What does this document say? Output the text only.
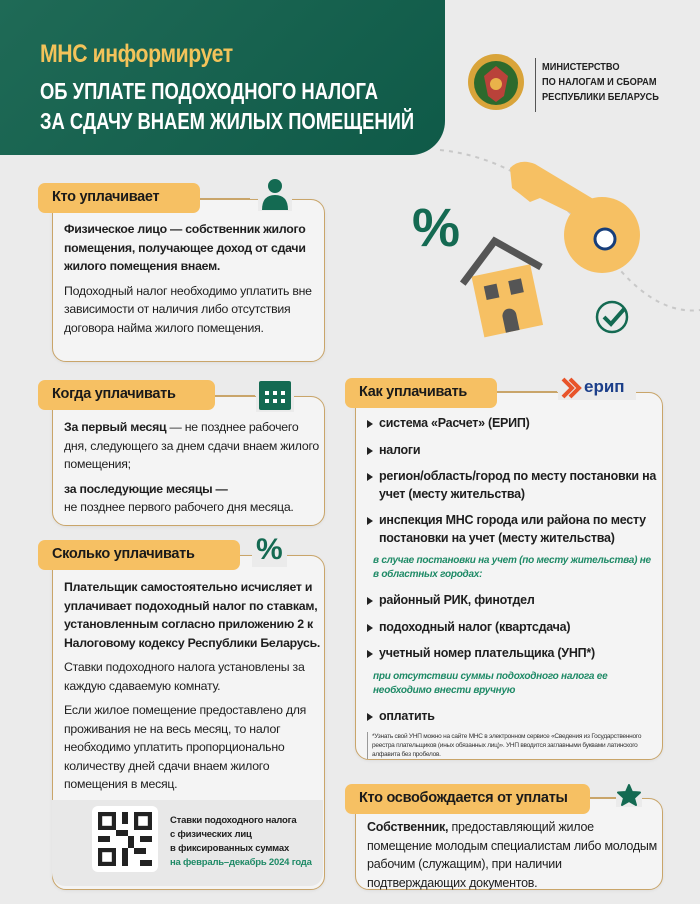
МНС информирует
ОБ УПЛАТЕ ПОДОХОДНОГО НАЛОГА
ЗА СДАЧУ ВНАЕМ ЖИЛЫХ ПОМЕЩЕНИЙ
МИНИСТЕРСТВО
ПО НАЛОГАМ И СБОРАМ
РЕСПУБЛИКИ БЕЛАРУСЬ
%
Кто уплачивает
Физическое лицо — собственник жилого помещения, получающее доход от сдачи жилого помещения внаем.
Подоходный налог необходимо уплатить вне зависимости от наличия либо отсутствия договора найма жилого помещения.
Когда уплачивать
За первый месяц — не позднее рабочего дня, следующего за днем сдачи внаем жилого помещения;
за последующие месяцы —
не позднее первого рабочего дня месяца.
Сколько уплачивать	%
Плательщик самостоятельно исчисляет и уплачивает подоходный налог по ставкам, установленным согласно приложению 2 к Налоговому кодексу Республики Беларусь.
Ставки подоходного налога установлены за каждую сдаваемую комнату.
Если жилое помещение предоставлено для проживания не на весь месяц, то налог необходимо уплатить пропорционально количеству дней сдачи внаем жилого помещения в месяц.
Ставки подоходного налога
с физических лиц
в фиксированных суммах
на февраль–декабрь 2024 года
Как уплачивать	ерип
система «Расчет» (ЕРИП)
налоги
регион/область/город по месту постановки на учет (месту жительства)
инспекция МНС города или района по месту постановки на учет (месту жительства)
в случае постановки на учет (по месту жительства) не в областных городах:
районный РИК, финотдел
подоходный налог (квартсдача)
учетный номер плательщика (УНП*)
при отсутствии суммы подоходного налога ее необходимо внести вручную
оплатить
*Узнать свой УНП можно на сайте МНС в электронном сервисе «Сведения из Государственного реестра плательщиков (иных обязанных лиц)». УНП вводится заглавными буквами латинского алфавита без пробелов.
Кто освобождается от уплаты
Собственник, предоставляющий жилое помещение молодым специалистам либо молодым рабочим (служащим), при наличии подтверждающих документов.
